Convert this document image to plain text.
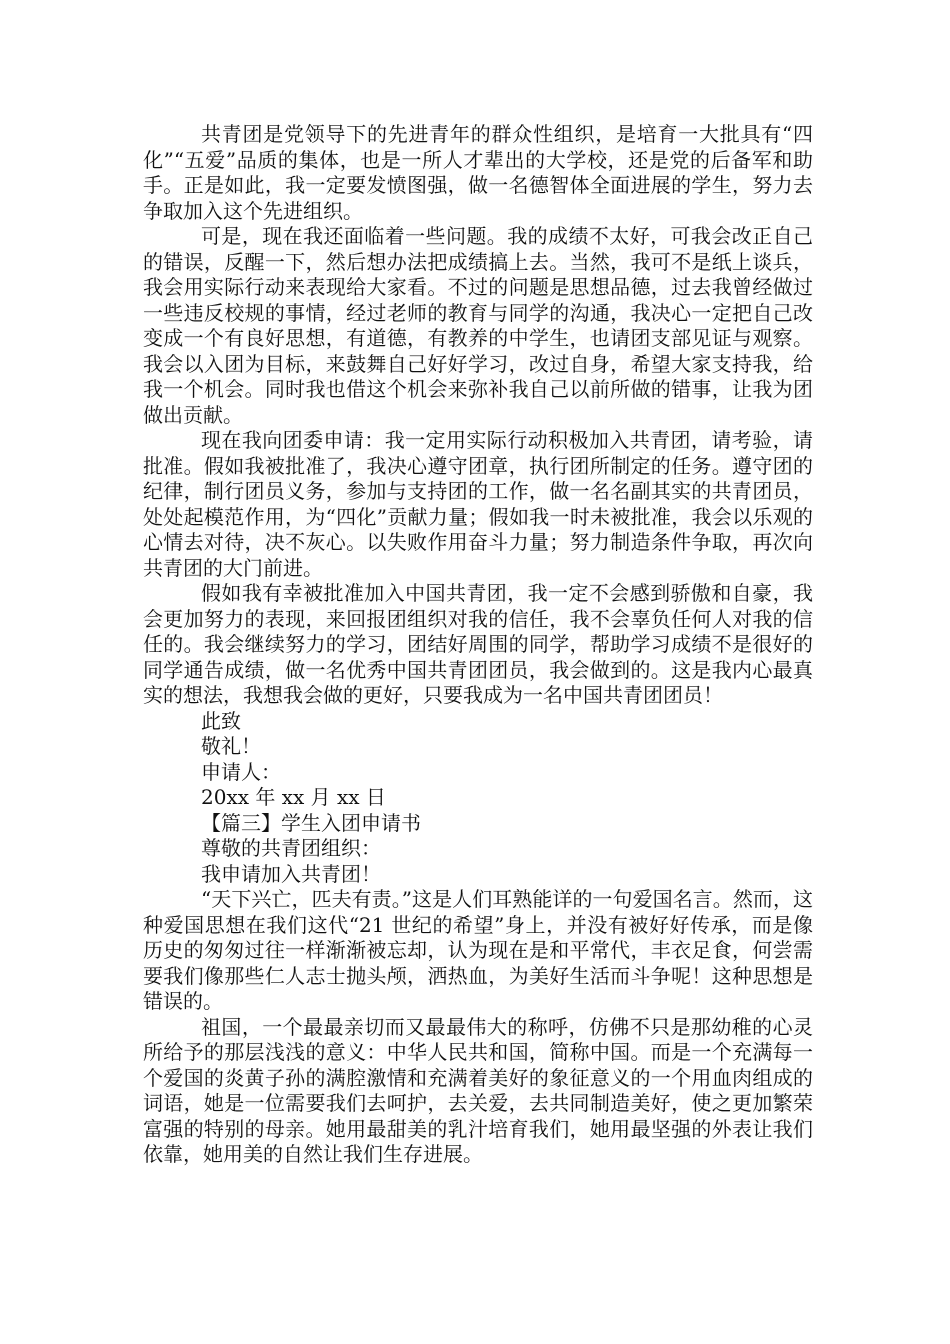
共青团是党领导下的先进青年的群众性组织，是培育一大批具有“四化”“五爱”品质的集体，也是一所人才辈出的大学校，还是党的后备军和助手。正是如此，我一定要发愤图强，做一名德智体全面进展的学生，努力去争取加入这个先进组织。

可是，现在我还面临着一些问题。我的成绩不太好，可我会改正自己的错误，反醒一下，然后想办法把成绩搞上去。当然，我可不是纸上谈兵，我会用实际行动来表现给大家看。不过的问题是思想品德，过去我曾经做过一些违反校规的事情，经过老师的教育与同学的沟通，我决心一定把自己改变成一个有良好思想，有道德，有教养的中学生，也请团支部见证与观察。我会以入团为目标，来鼓舞自己好好学习，改过自身，希望大家支持我，给我一个机会。同时我也借这个机会来弥补我自己以前所做的错事，让我为团做出贡献。

现在我向团委申请：我一定用实际行动积极加入共青团，请考验，请批准。假如我被批准了，我决心遵守团章，执行团所制定的任务。遵守团的纪律，制行团员义务，参加与支持团的工作，做一名名副其实的共青团员，处处起模范作用，为“四化”贡献力量；假如我一时未被批准，我会以乐观的心情去对待，决不灰心。以失败作用奋斗力量；努力制造条件争取，再次向共青团的大门前进。

假如我有幸被批准加入中国共青团，我一定不会感到骄傲和自豪，我会更加努力的表现，来回报团组织对我的信任，我不会辜负任何人对我的信任的。我会继续努力的学习，团结好周围的同学，帮助学习成绩不是很好的同学通告成绩，做一名优秀中国共青团团员，我会做到的。这是我内心最真实的想法，我想我会做的更好，只要我成为一名中国共青团团员！

此致

敬礼！

申请人：

20xx 年 xx 月 xx 日

【篇三】学生入团申请书

尊敬的共青团组织：

我申请加入共青团！

“天下兴亡，匹夫有责。”这是人们耳熟能详的一句爱国名言。然而，这种爱国思想在我们这代“21 世纪的希望”身上，并没有被好好传承，而是像历史的匆匆过往一样渐渐被忘却，认为现在是和平常代，丰衣足食，何尝需要我们像那些仁人志士抛头颅，洒热血，为美好生活而斗争呢！这种思想是错误的。

祖国，一个最最亲切而又最最伟大的称呼，仿佛不只是那幼稚的心灵所给予的那层浅浅的意义：中华人民共和国，简称中国。而是一个充满每一个爱国的炎黄子孙的满腔激情和充满着美好的象征意义的一个用血肉组成的词语，她是一位需要我们去呵护，去关爱，去共同制造美好，使之更加繁荣富强的特别的母亲。她用最甜美的乳汁培育我们，她用最坚强的外表让我们依靠，她用美的自然让我们生存进展。
